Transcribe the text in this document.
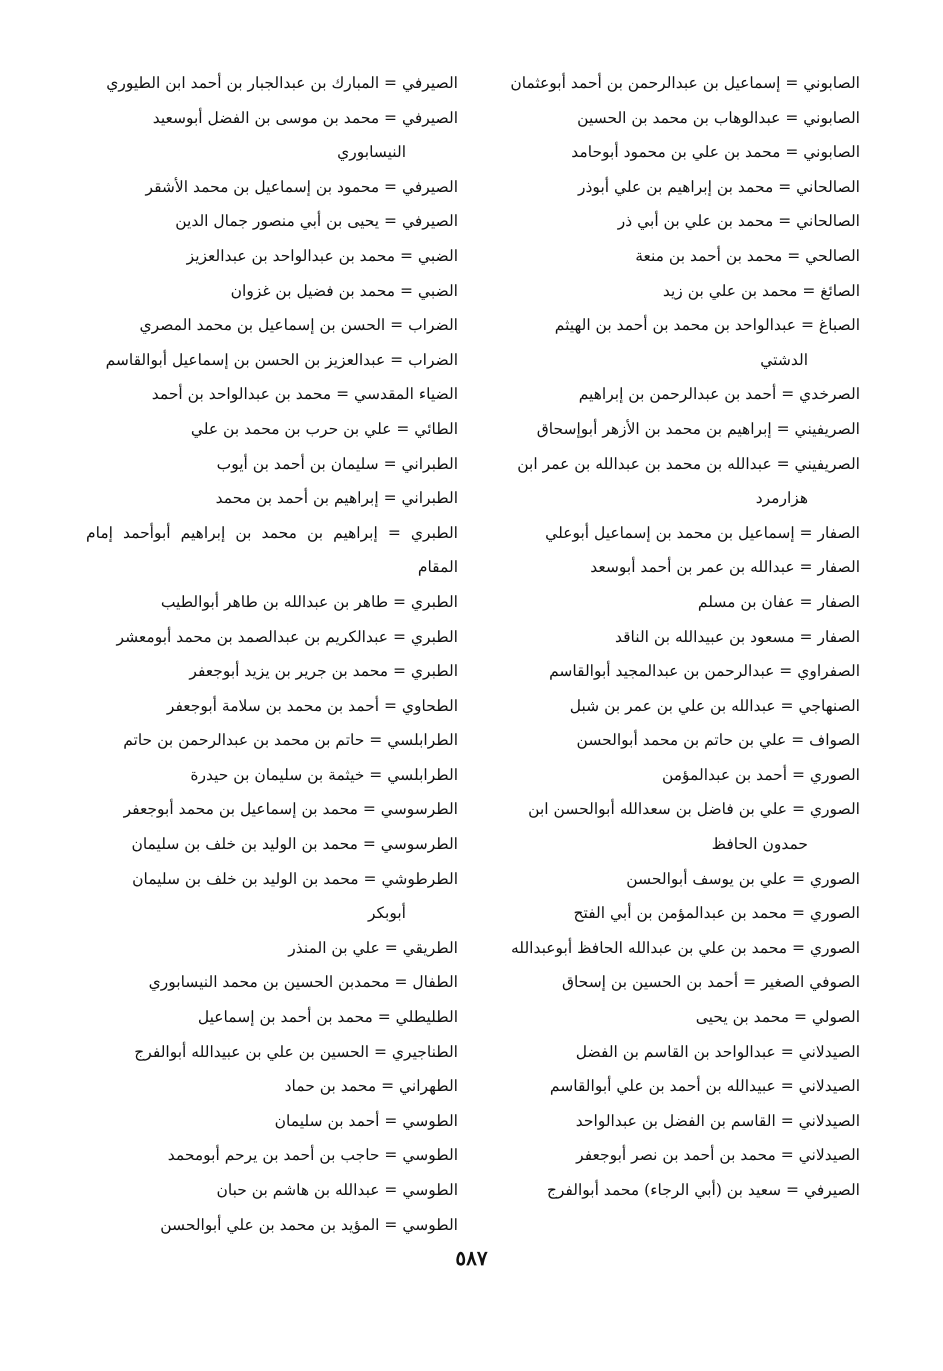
الصابوني = إسماعيل بن عبدالرحمن بن أحمد أبوعثمان

الصابوني = عبدالوهاب بن محمد بن الحسين

الصابوني = محمد بن علي بن محمود أبوحامد

الصالحاني = محمد بن إبراهيم بن علي أبوذر

الصالحاني = محمد بن علي بن أبي ذر

الصالحي = محمد بن أحمد بن منعة

الصائغ = محمد بن علي بن زيد

الصباغ = عبدالواحد بن محمد بن أحمد بن الهيثم
الدشتي

الصرخدي = أحمد بن عبدالرحمن بن إبراهيم

الصريفيني = إبراهيم بن محمد بن الأزهر أبوإسحاق

الصريفيني = عبدالله بن محمد بن عبدالله بن عمر ابن
هزارمرد

الصفار = إسماعيل بن محمد بن إسماعيل أبوعلي

الصفار = عبدالله بن عمر بن أحمد أبوسعد

الصفار = عفان بن مسلم

الصفار = مسعود بن عبيدالله بن الناقد

الصفراوي = عبدالرحمن بن عبدالمجيد أبوالقاسم

الصنهاجي = عبدالله بن علي بن عمر بن شبل

الصواف = علي بن حاتم بن محمد أبوالحسن

الصوري = أحمد بن عبدالمؤمن

الصوري = علي بن فاضل بن سعدالله أبوالحسن ابن
حمدون الحافظ

الصوري = علي بن يوسف أبوالحسن

الصوري = محمد بن عبدالمؤمن بن أبي الفتح

الصوري = محمد بن علي بن عبدالله الحافظ أبوعبدالله

الصوفي الصغير = أحمد بن الحسين بن إسحاق

الصولي = محمد بن يحيى

الصيدلاني = عبدالواحد بن القاسم بن الفضل

الصيدلاني = عبيدالله بن أحمد بن علي أبوالقاسم

الصيدلاني = القاسم بن الفضل بن عبدالواحد

الصيدلاني = محمد بن أحمد بن نصر أبوجعفر

الصيرفي = سعيد بن (أبي الرجاء) محمد أبوالفرج

الصيرفي = المبارك بن عبدالجبار بن أحمد ابن الطيوري

الصيرفي = محمد بن موسى بن الفضل أبوسعيد
النيسابوري

الصيرفي = محمود بن إسماعيل بن محمد الأشقر

الصيرفي = يحيى بن أبي منصور جمال الدين

الضبي = محمد بن عبدالواحد بن عبدالعزيز

الضبي = محمد بن فضيل بن غزوان

الضراب = الحسن بن إسماعيل بن محمد المصري

الضراب = عبدالعزيز بن الحسن بن إسماعيل أبوالقاسم

الضياء المقدسي = محمد بن عبدالواحد بن أحمد

الطائي = علي بن حرب بن محمد بن علي

الطبراني = سليمان بن أحمد بن أيوب

الطبراني = إبراهيم بن أحمد بن محمد

الطبري = إبراهيم بن محمد بن إبراهيم أبوأحمد إمام المقام

الطبري = طاهر بن عبدالله بن طاهر أبوالطيب

الطبري = عبدالكريم بن عبدالصمد بن محمد أبومعشر

الطبري = محمد بن جرير بن يزيد أبوجعفر

الطحاوي = أحمد بن محمد بن سلامة أبوجعفر

الطرابلسي = حاتم بن محمد بن عبدالرحمن بن حاتم

الطرابلسي = خيثمة بن سليمان بن حيدرة

الطرسوسي = محمد بن إسماعيل بن محمد أبوجعفر

الطرسوسي = محمد بن الوليد بن خلف بن سليمان

الطرطوشي = محمد بن الوليد بن خلف بن سليمان
أبوبكر

الطريقي = علي بن المنذر

الطفال = محمدبن الحسين بن محمد النيسابوري

الطليطلي = محمد بن أحمد بن إسماعيل

الطناجيري = الحسين بن علي بن عبيدالله أبوالفرج

الطهراني = محمد بن حماد

الطوسي = أحمد بن سليمان

الطوسي = حاجب بن أحمد بن يرحم أبومحمد

الطوسي = عبدالله بن هاشم بن حبان

الطوسي = المؤيد بن محمد بن علي أبوالحسن

٥٨٧
